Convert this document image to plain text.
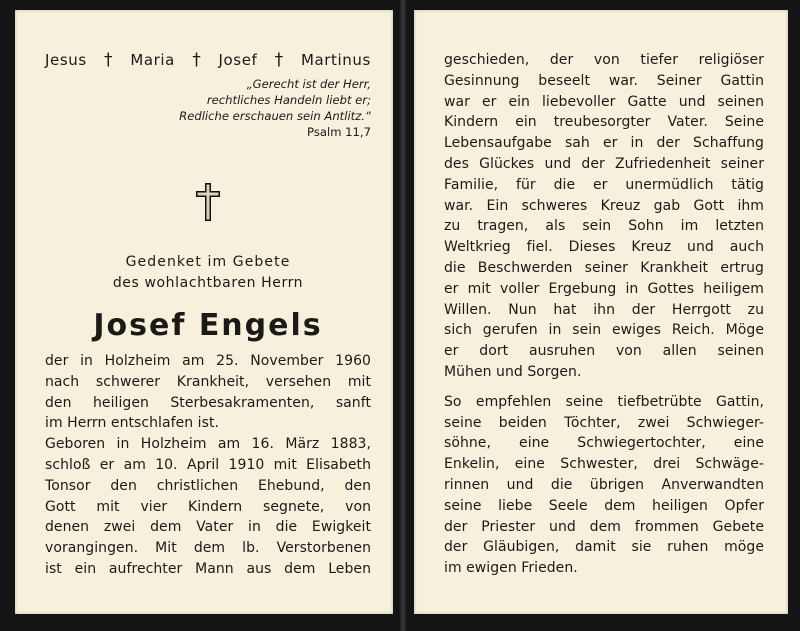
Jesus † Maria † Josef † Martinus
„Gerecht ist der Herr,
rechtliches Handeln liebt er;
Redliche erschauen sein Antlitz.“
Psalm 11,7
Gedenket im Gebete
des wohlachtbaren Herrn
Josef Engels

der in Holzheim am 25. November 1960
nach schwerer Krankheit, versehen mit
den heiligen Sterbesakramenten, sanft
im Herrn entschlafen ist.
Geboren in Holzheim am 16. März 1883,
schloß er am 10. April 1910 mit Elisabeth
Tonsor den christlichen Ehebund, den
Gott mit vier Kindern segnete, von
denen zwei dem Vater in die Ewigkeit
vorangingen. Mit dem lb. Verstorbenen
ist ein aufrechter Mann aus dem Leben

geschieden, der von tiefer religiöser
Gesinnung beseelt war. Seiner Gattin
war er ein liebevoller Gatte und seinen
Kindern ein treubesorgter Vater. Seine
Lebensaufgabe sah er in der Schaffung
des Glückes und der Zufriedenheit seiner
Familie, für die er unermüdlich tätig
war. Ein schweres Kreuz gab Gott ihm
zu tragen, als sein Sohn im letzten
Weltkrieg fiel. Dieses Kreuz und auch
die Beschwerden seiner Krankheit ertrug
er mit voller Ergebung in Gottes heiligem
Willen. Nun hat ihn der Herrgott zu
sich gerufen in sein ewiges Reich. Möge
er dort ausruhen von allen seinen
Mühen und Sorgen.

So empfehlen seine tiefbetrübte Gattin,
seine beiden Töchter, zwei Schwieger-
söhne, eine Schwiegertochter, eine
Enkelin, eine Schwester, drei Schwäge-
rinnen und die übrigen Anverwandten
seine liebe Seele dem heiligen Opfer
der Priester und dem frommen Gebete
der Gläubigen, damit sie ruhen möge
im ewigen Frieden.
